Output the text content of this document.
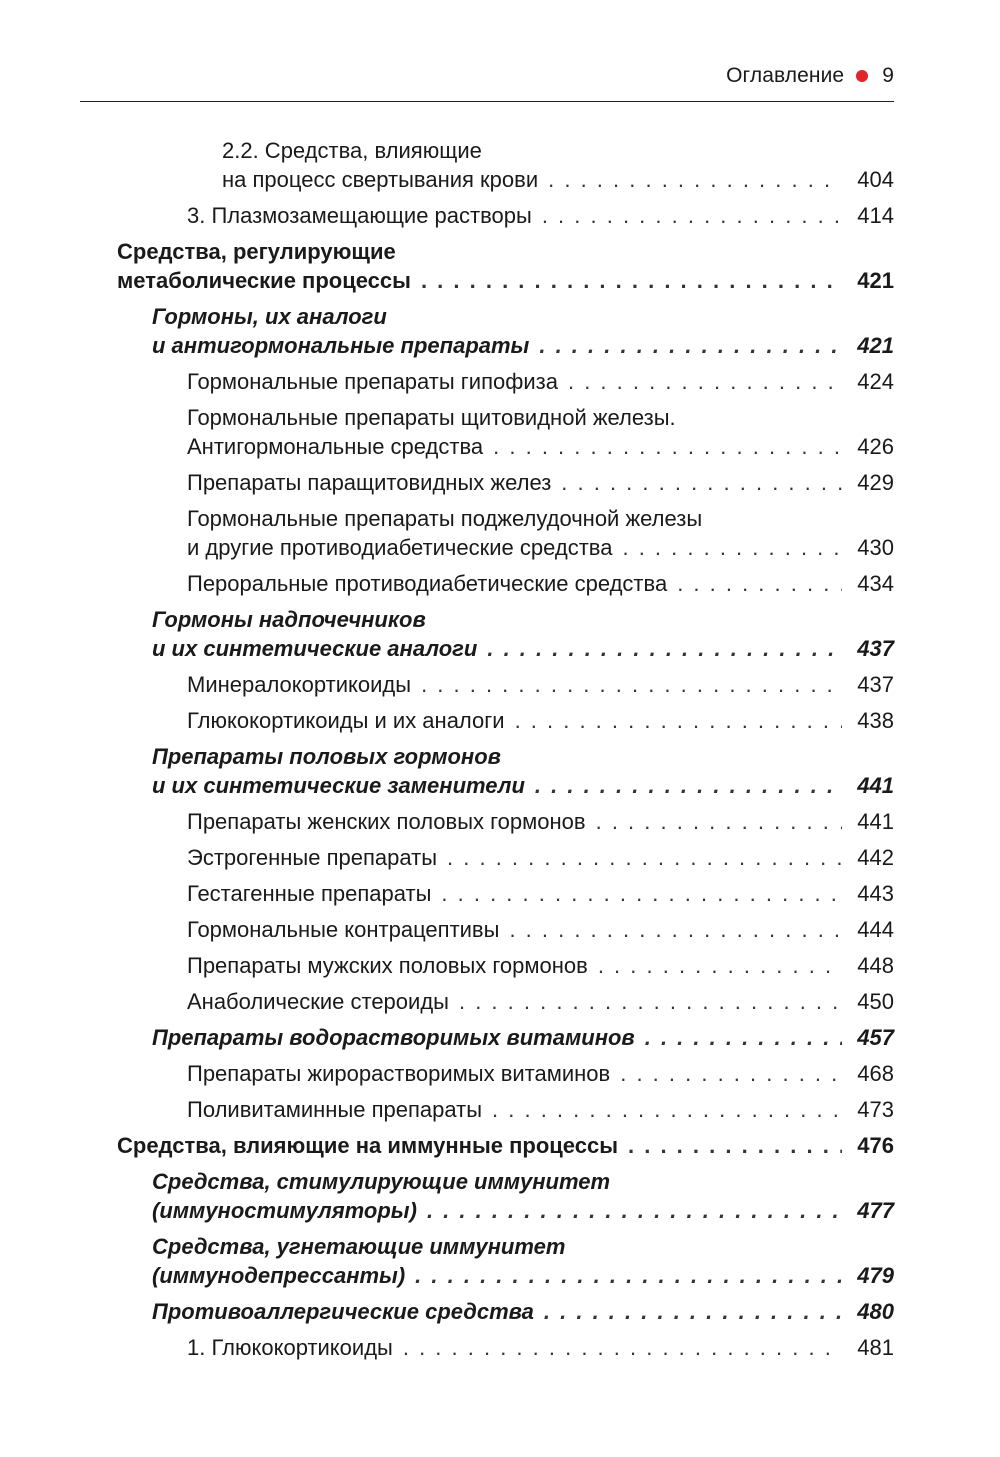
Оглавление 9
2.2. Средства, влияющие
на процесс свертывания крови . . .	404
3. Плазмозамещающие растворы . . .	414
Средства, регулирующие
метаболические процессы . . .	421
Гормоны, их аналоги
и антигормональные препараты . . .	421
Гормональные препараты гипофиза . . .	424
Гормональные препараты щитовидной железы.
Антигормональные средства . . .	426
Препараты паращитовидных желез . . .	429
Гормональные препараты поджелудочной железы
и другие противодиабетические средства . . .	430
Пероральные противодиабетические средства . . .	434
Гормоны надпочечников
и их синтетические аналоги . . .	437
Минералокортикоиды . . .	437
Глюкокортикоиды и их аналоги . . .	438
Препараты половых гормонов
и их синтетические заменители . . .	441
Препараты женских половых гормонов . . .	441
Эстрогенные препараты . . .	442
Гестагенные препараты . . .	443
Гормональные контрацептивы . . .	444
Препараты мужских половых гормонов . . .	448
Анаболические стероиды . . .	450
Препараты водорастворимых витаминов . . .	457
Препараты жирорастворимых витаминов . . .	468
Поливитаминные препараты . . .	473
Средства, влияющие на иммунные процессы . . .	476
Средства, стимулирующие иммунитет
(иммуностимуляторы) . . .	477
Средства, угнетающие иммунитет
(иммунодепрессанты) . . .	479
Противоаллергические средства . . .	480
1. Глюкокортикоиды . . .	481
